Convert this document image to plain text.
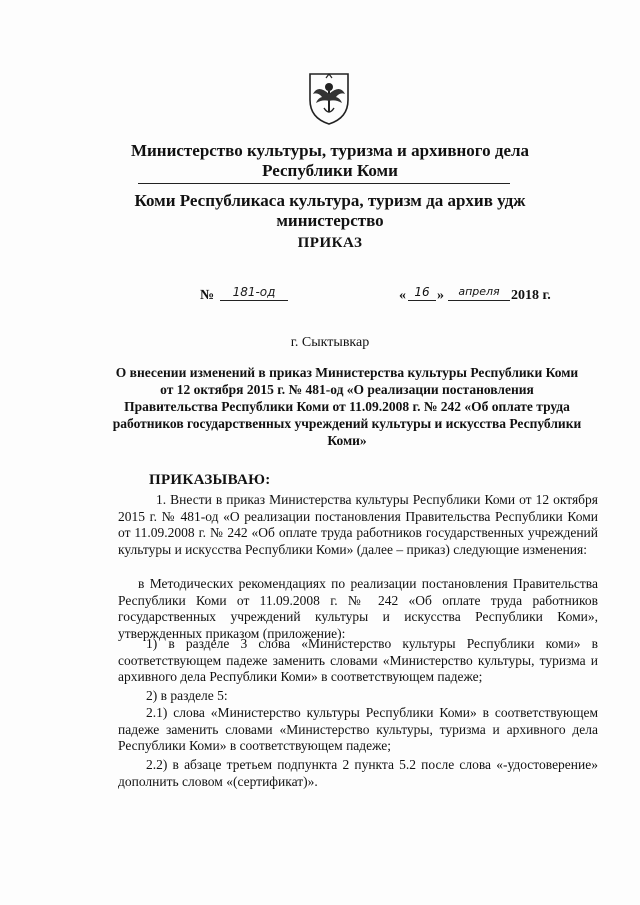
Министерство культуры, туризма и архивного дела Республики Коми
Коми Республикаса культура, туризм да архив удж министерство
ПРИКАЗ
№	181-од	« 16 »	апреля 2018 г.
г. Сыктывкар
О внесении изменений в приказ Министерства культуры Республики Коми от 12 октября 2015 г. № 481-од «О реализации постановления Правительства Республики Коми от 11.09.2008 г. № 242 «Об оплате труда работников государственных учреждений культуры и искусства Республики Коми»
ПРИКАЗЫВАЮ:
1. Внести в приказ Министерства культуры Республики Коми от 12 октября 2015 г. № 481-од «О реализации постановления Правительства Республики Коми от 11.09.2008 г. № 242 «Об оплате труда работников государственных учреждений культуры и искусства Республики Коми» (далее – приказ) следующие изменения:
в Методических рекомендациях по реализации постановления Правительства Республики Коми от 11.09.2008 г. № 242 «Об оплате труда работников государственных учреждений культуры и искусства Республики Коми», утвержденных приказом (приложение):
1) в разделе 3 слова «Министерство культуры Республики коми» в соответствующем падеже заменить словами «Министерство культуры, туризма и архивного дела Республики Коми» в соответствующем падеже;
2) в разделе 5:
2.1) слова «Министерство культуры Республики Коми» в соответствующем падеже заменить словами «Министерство культуры, туризма и архивного дела Республики Коми» в соответствующем падеже;
2.2) в абзаце третьем подпункта 2 пункта 5.2 после слова «-удостоверение» дополнить словом «(сертификат)».
